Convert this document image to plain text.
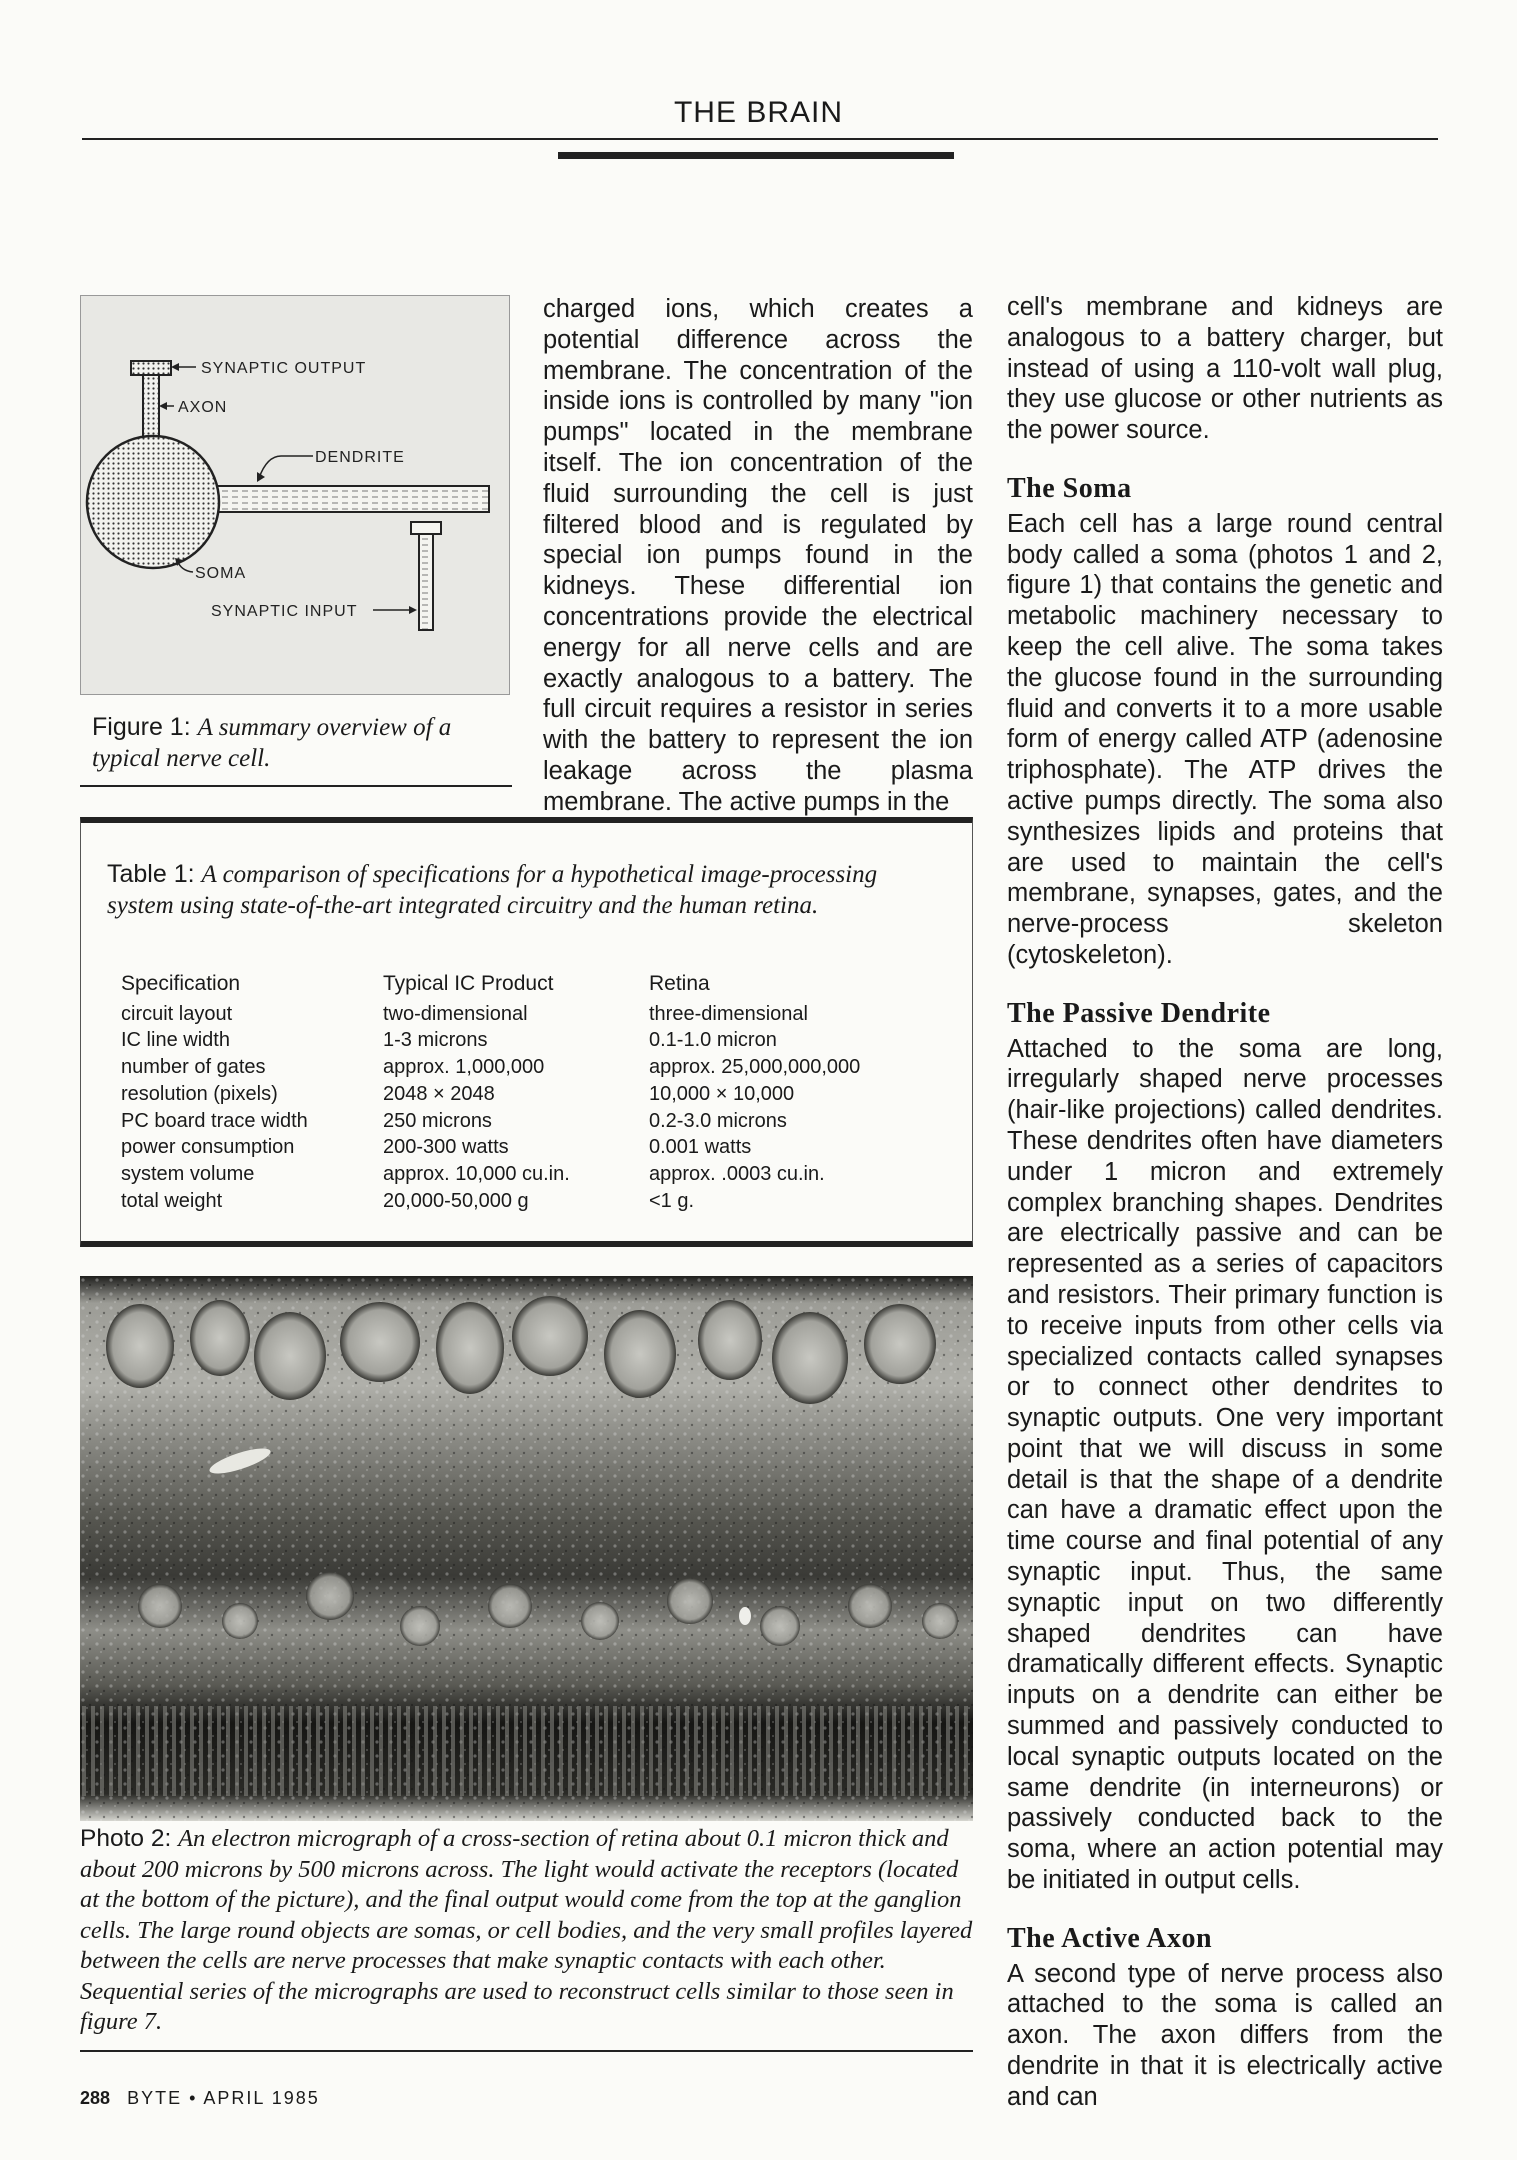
THE BRAIN
SYNAPTIC OUTPUT
AXON
DENDRITE
SOMA
SYNAPTIC INPUT
Figure 1: A summary overview of a typical nerve cell.

charged ions, which creates a potential difference across the membrane. The concentration of the inside ions is controlled by many "ion pumps" located in the membrane itself. The ion concentration of the fluid surrounding the cell is just filtered blood and is regulated by special ion pumps found in the kidneys. These differential ion concentrations provide the electrical energy for all nerve cells and are exactly analogous to a battery. The full circuit requires a resistor in series with the battery to represent the ion leakage across the plasma membrane. The active pumps in the

Table 1: A comparison of specifications for a hypothetical image-processing system using state-of-the-art integrated circuitry and the human retina.
Specification
circuit layout
IC line width
number of gates
resolution (pixels)
PC board trace width
power consumption
system volume
total weight
Typical IC Product
two-dimensional
1-3 microns
approx. 1,000,000
2048 × 2048
250 microns
200-300 watts
approx. 10,000 cu.in.
20,000-50,000 g
Retina
three-dimensional
0.1-1.0 micron
approx. 25,000,000,000
10,000 × 10,000
0.2-3.0 microns
0.001 watts
approx. .0003 cu.in.
<1 g.
Photo 2: An electron micrograph of a cross-section of retina about 0.1 micron thick and about 200 microns by 500 microns across. The light would activate the receptors (located at the bottom of the picture), and the final output would come from the top at the ganglion cells. The large round objects are somas, or cell bodies, and the very small profiles layered between the cells are nerve processes that make synaptic contacts with each other. Sequential series of the micrographs are used to reconstruct cells similar to those seen in figure 7.

cell's membrane and kidneys are analogous to a battery charger, but instead of using a 110-volt wall plug, they use glucose or other nutrients as the power source.

The Soma

Each cell has a large round central body called a soma (photos 1 and 2, figure 1) that contains the genetic and metabolic machinery necessary to keep the cell alive. The soma takes the glucose found in the surrounding fluid and converts it to a more usable form of energy called ATP (adenosine triphosphate). The ATP drives the active pumps directly. The soma also synthesizes lipids and proteins that are used to maintain the cell's membrane, synapses, gates, and the nerve-process skeleton (cytoskeleton).

The Passive Dendrite

Attached to the soma are long, irregularly shaped nerve processes (hair-like projections) called dendrites. These dendrites often have diameters under 1 micron and extremely complex branching shapes. Dendrites are electrically passive and can be represented as a series of capacitors and resistors. Their primary function is to receive inputs from other cells via specialized contacts called synapses or to connect other dendrites to synaptic outputs. One very important point that we will discuss in some detail is that the shape of a dendrite can have a dramatic effect upon the time course and final potential of any synaptic input. Thus, the same synaptic input on two differently shaped dendrites can have dramatically different effects. Synaptic inputs on a dendrite can either be summed and passively conducted to local synaptic outputs located on the same dendrite (in interneurons) or passively conducted back to the soma, where an action potential may be initiated in output cells.

The Active Axon

A second type of nerve process also attached to the soma is called an axon. The axon differs from the dendrite in that it is electrically active and can

288 BYTE • APRIL 1985
